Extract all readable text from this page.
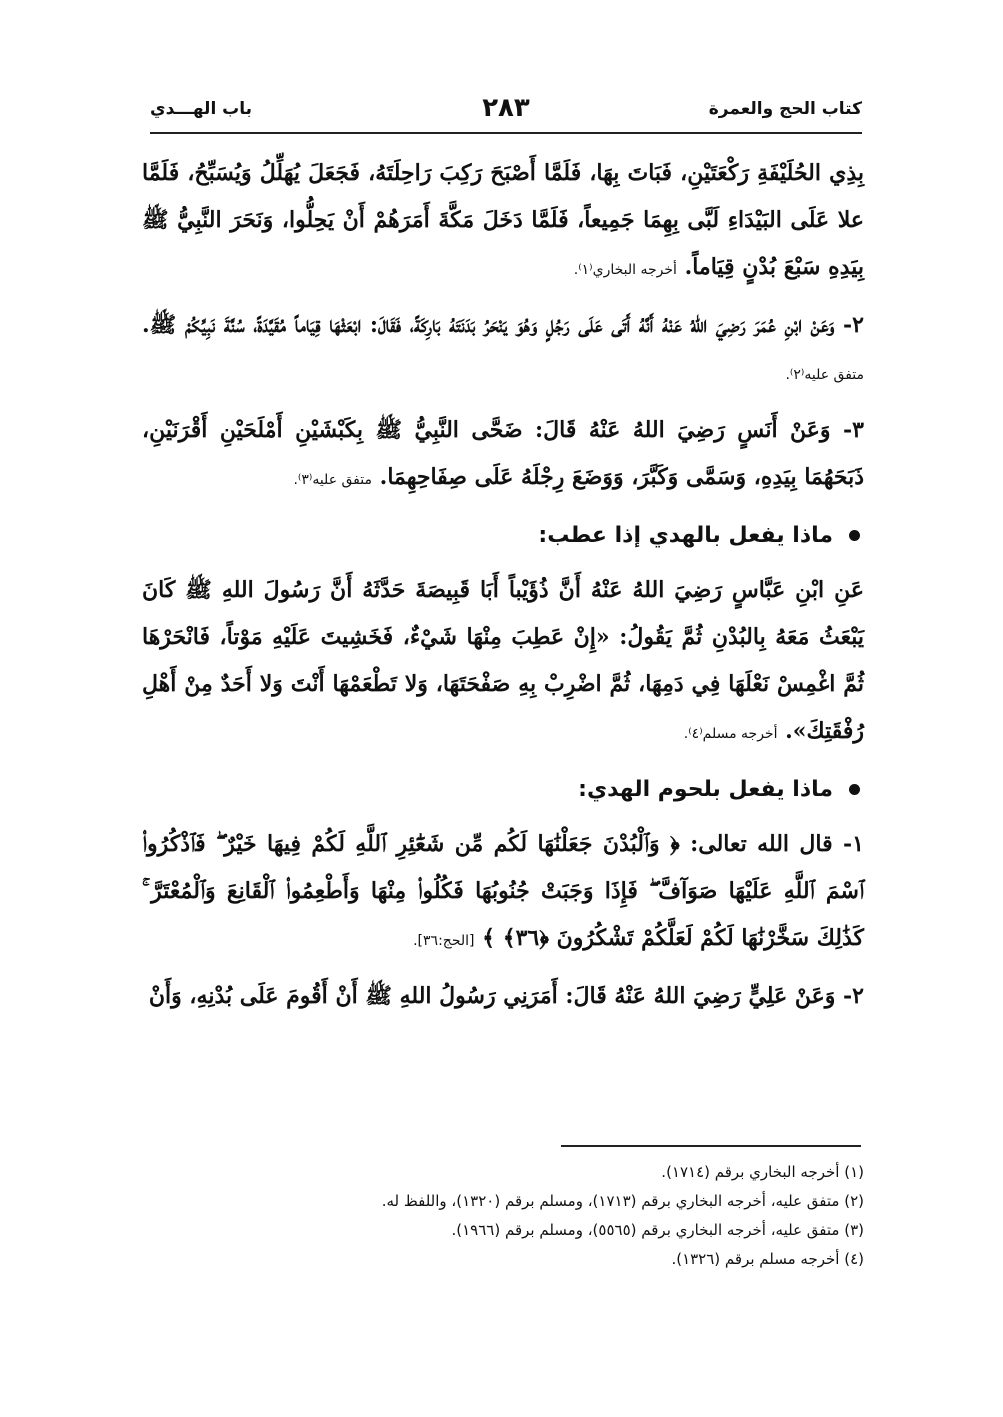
باب الهـــدي	٢٨٣	كتاب الحج والعمرة

بِذِي الحُلَيْفَةِ رَكْعَتَيْنِ، فَبَاتَ بِهَا، فَلَمَّا أَصْبَحَ رَكِبَ رَاحِلَتَهُ، فَجَعَلَ يُهَلِّلُ وَيُسَبِّحُ، فَلَمَّا علا عَلَى البَيْدَاءِ لَبَّى بِهِمَا جَمِيعاً، فَلَمَّا دَخَلَ مَكَّةَ أَمَرَهُمْ أَنْ يَحِلُّوا، وَنَحَرَ النَّبِيُّ ﷺ بِيَدِهِ سَبْعَ بُدْنٍ قِيَاماً. أخرجه البخاري⁽١⁾.

٢- وَعَنْ ابْنِ عُمَرَ رَضِيَ اللهُ عَنْهُ أَنَّهُ أَتَى عَلَى رَجُلٍ وَهُوَ يَنْحَرُ بَدَنَتَهُ بَارِكَةً، فَقَالَ: ابْعَثْهَا قِيَاماً مُقَيَّدَةً، سُنَّةَ نَبِيِّكُمْ ﷺ. متفق عليه⁽٢⁾.

٣- وَعَنْ أَنَسٍ رَضِيَ اللهُ عَنْهُ قَالَ: ضَحَّى النَّبِيُّ ﷺ بِكَبْشَيْنِ أَمْلَحَيْنِ أَقْرَنَيْنِ، ذَبَحَهُمَا بِيَدِهِ، وَسَمَّى وَكَبَّرَ، وَوَضَعَ رِجْلَهُ عَلَى صِفَاحِهِمَا. متفق عليه⁽٣⁾.

ماذا يفعل بالهدي إذا عطب:

عَنِ ابْنِ عَبَّاسٍ رَضِيَ اللهُ عَنْهُ أَنَّ ذُؤَيْباً أَبَا قَبِيصَةَ حَدَّثَهُ أَنَّ رَسُولَ اللهِ ﷺ كَانَ يَبْعَثُ مَعَهُ بِالبُدْنِ ثُمَّ يَقُولُ: «إِنْ عَطِبَ مِنْهَا شَيْءٌ، فَخَشِيتَ عَلَيْهِ مَوْتاً، فَانْحَرْهَا ثُمَّ اغْمِسْ نَعْلَهَا فِي دَمِهَا، ثُمَّ اضْرِبْ بِهِ صَفْحَتَهَا، وَلا تَطْعَمْهَا أَنْتَ وَلا أَحَدٌ مِنْ أَهْلِ رُفْقَتِكَ». أخرجه مسلم⁽٤⁾.

ماذا يفعل بلحوم الهدي:

١- قال الله تعالى: ﴿ وَٱلْبُدْنَ جَعَلْنَٰهَا لَكُم مِّن شَعَٰٓئِرِ ٱللَّهِ لَكُمْ فِيهَا خَيْرٌ ۖ فَٱذْكُرُوا۟ ٱسْمَ ٱللَّهِ عَلَيْهَا صَوَآفَّ ۖ فَإِذَا وَجَبَتْ جُنُوبُهَا فَكُلُوا۟ مِنْهَا وَأَطْعِمُوا۟ ٱلْقَانِعَ وَٱلْمُعْتَرَّ ۚ كَذَٰلِكَ سَخَّرْنَٰهَا لَكُمْ لَعَلَّكُمْ تَشْكُرُونَ ﴿٣٦﴾ ﴾ [الحج:٣٦].

٢- وَعَنْ عَلِيٍّ رَضِيَ اللهُ عَنْهُ قَالَ: أَمَرَنِي رَسُولُ اللهِ ﷺ أَنْ أَقُومَ عَلَى بُدْنِهِ، وَأَنْ

(١) أخرجه البخاري برقم (١٧١٤).
(٢) متفق عليه، أخرجه البخاري برقم (١٧١٣)، ومسلم برقم (١٣٢٠)، واللفظ له.
(٣) متفق عليه، أخرجه البخاري برقم (٥٥٦٥)، ومسلم برقم (١٩٦٦).
(٤) أخرجه مسلم برقم (١٣٢٦).
